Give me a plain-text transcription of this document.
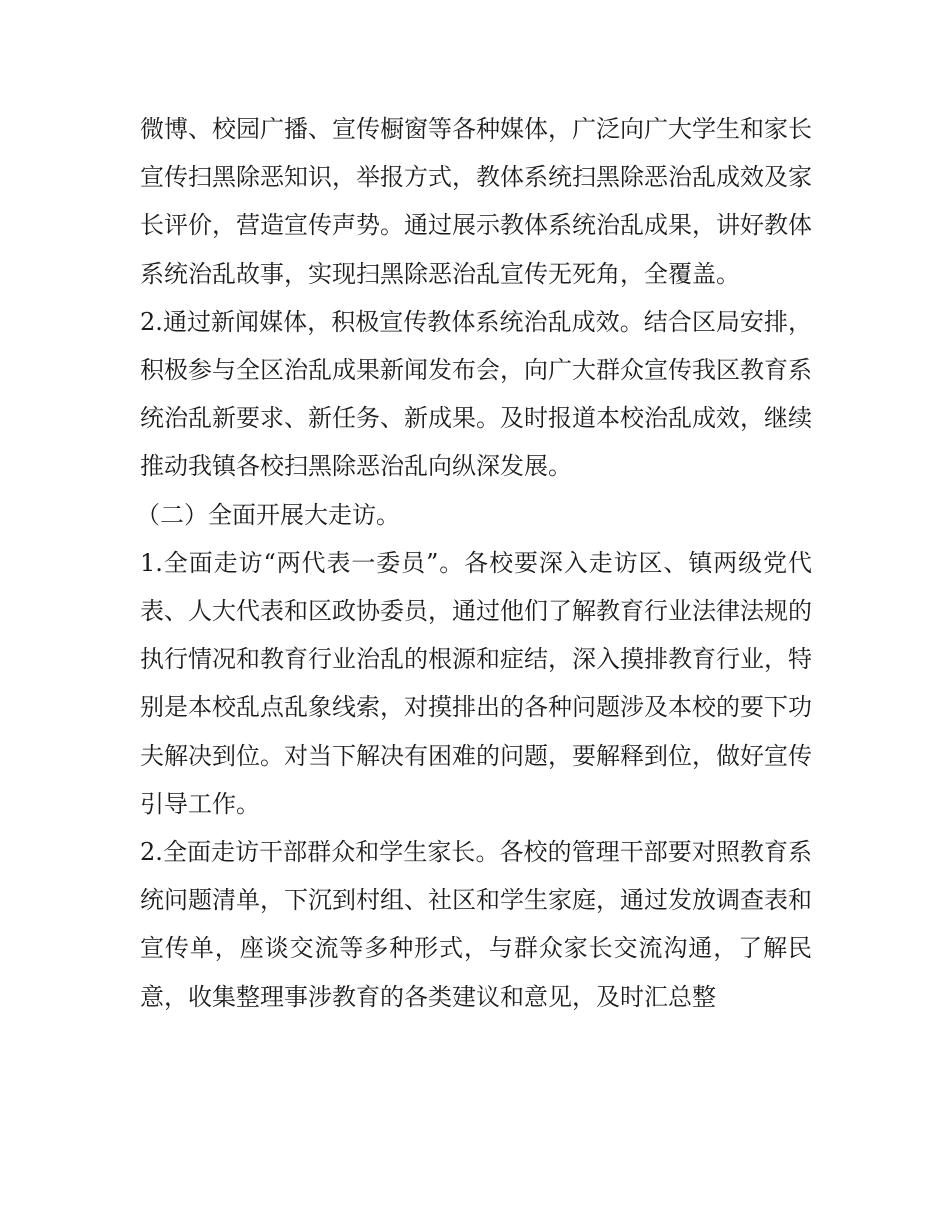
微博、校园广播、宣传橱窗等各种媒体，广泛向广大学生和家长宣传扫黑除恶知识，举报方式，教体系统扫黑除恶治乱成效及家长评价，营造宣传声势。通过展示教体系统治乱成果，讲好教体系统治乱故事，实现扫黑除恶治乱宣传无死角，全覆盖。

2.通过新闻媒体，积极宣传教体系统治乱成效。结合区局安排，积极参与全区治乱成果新闻发布会，向广大群众宣传我区教育系统治乱新要求、新任务、新成果。及时报道本校治乱成效，继续推动我镇各校扫黑除恶治乱向纵深发展。

（二）全面开展大走访。

1.全面走访“两代表一委员”。各校要深入走访区、镇两级党代表、人大代表和区政协委员，通过他们了解教育行业法律法规的执行情况和教育行业治乱的根源和症结，深入摸排教育行业，特别是本校乱点乱象线索，对摸排出的各种问题涉及本校的要下功夫解决到位。对当下解决有困难的问题，要解释到位，做好宣传引导工作。

2.全面走访干部群众和学生家长。各校的管理干部要对照教育系统问题清单，下沉到村组、社区和学生家庭，通过发放调查表和宣传单，座谈交流等多种形式，与群众家长交流沟通，了解民意，收集整理事涉教育的各类建议和意见，及时汇总整
